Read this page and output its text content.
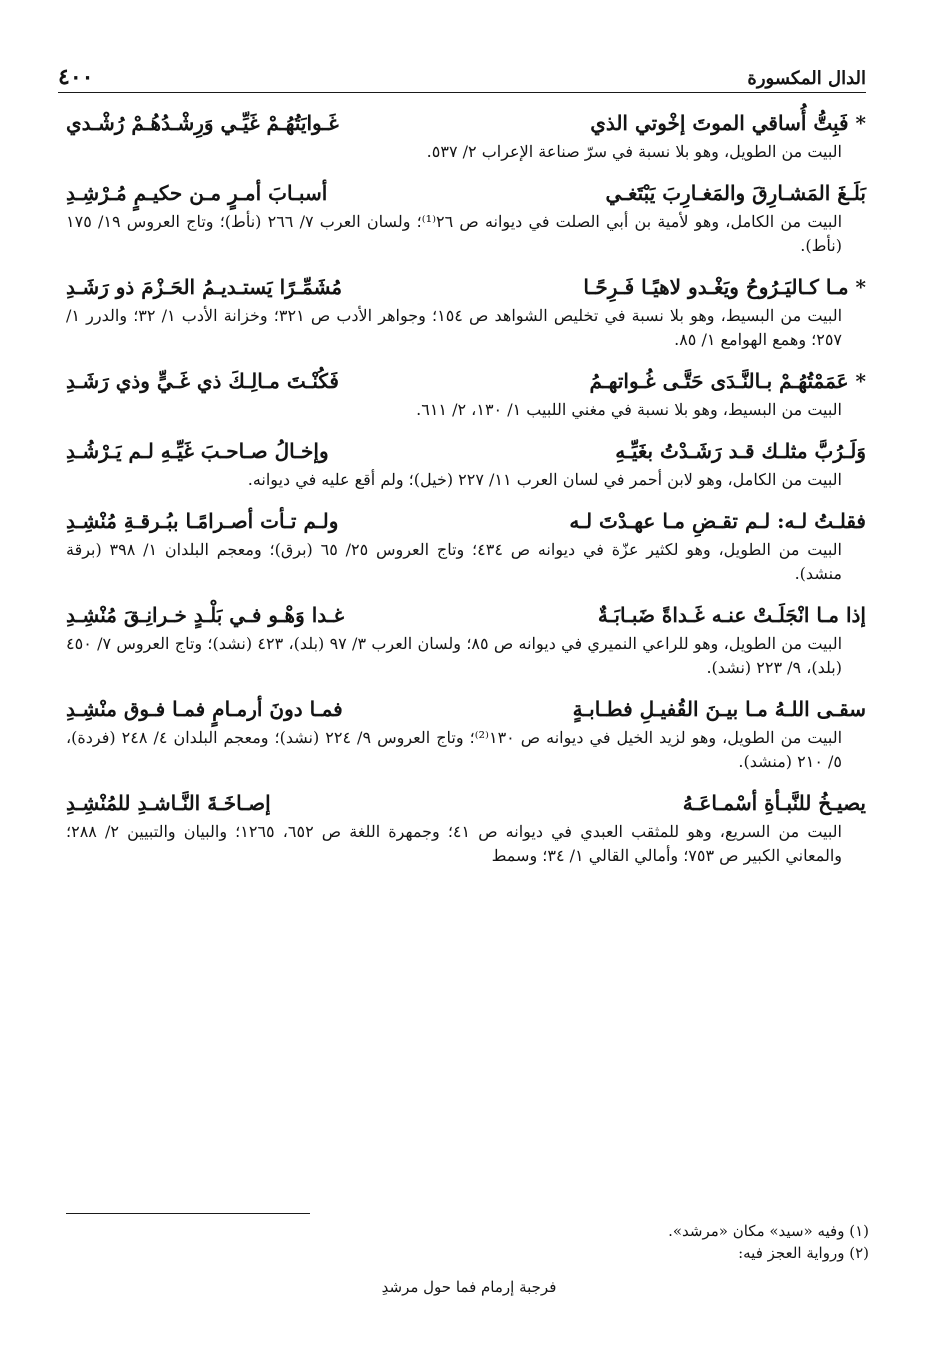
الدال المكسورة
٤٠٠
* فَبِتُّ أُساقي الموتَ إخْوتي الذي
غَـوايَتُهُـمْ غَيِّـي وَرِشْـدُهُـمْ رُشْـدي
البيت من الطويل، وهو بلا نسبة في سرّ صناعة الإعراب ٢/ ٥٣٧.
بَلَـغَ المَشـارِقَ والمَغـارِبَ يَبْتَغـي
أسبـابَ أمـرٍ مـن حكيـمٍ مُـرْشِـدِ
البيت من الكامل، وهو لأمية بن أبي الصلت في ديوانه ص ٢٦⁽¹⁾؛ ولسان العرب ٧/ ٢٦٦ (نأط)؛ وتاج العروس ١٩/ ١٧٥ (نأط).
* مـا كـاليَـرُوحُ ويَغْـدو لاهيًـا فَـرِحًـا
مُشَمِّـرًا يَستـديـمُ الحَـزْمَ ذو رَشَـدِ
البيت من البسيط، وهو بلا نسبة في تخليص الشواهد ص ١٥٤؛ وجواهر الأدب ص ٣٢١؛ وخزانة الأدب ١/ ٣٢؛ والدرر ١/ ٢٥٧؛ وهمع الهوامع ١/ ٨٥.
* عَمَمْتُهُـمْ بـالنَّـدَى حَتَّـى غُـواتهـمُ
فَكُنْـتَ مـالِـكَ ذي غَـيٍّ وذي رَشَـدِ
البيت من البسيط، وهو بلا نسبة في مغني اللبيب ١/ ١٣٠، ٢/ ٦١١.
وَلَـرُبَّ مثلـك قـد رَشَـدْتُ بغَيِّـهِ
وإخـالُ صـاحـبَ غَيِّـهِ لـم يَـرْشُـدِ
البيت من الكامل، وهو لابن أحمر في لسان العرب ١١/ ٢٢٧ (خيل)؛ ولم أقع عليه في ديوانه.
فقلـتُ لـه: لـم تقـضِ مـا عهـدْتَ لـه
ولـم تـأت أصـرامًـا ببُـرقـةِ مُنْشِـدِ
البيت من الطويل، وهو لكثير عزّة في ديوانه ص ٤٣٤؛ وتاج العروس ٢٥/ ٦٥ (برق)؛ ومعجم البلدان ١/ ٣٩٨ (برقة منشد).
إذا مـا انْجَلَـتْ عنـه غَـداةً ضَبـابَـةٌ
غـدا وَهْـو فـي بَلْـدٍ خـرانِـقَ مُنْشِـدِ
البيت من الطويل، وهو للراعي النميري في ديوانه ص ٨٥؛ ولسان العرب ٣/ ٩٧ (بلد)، ٤٢٣ (نشد)؛ وتاج العروس ٧/ ٤٥٠ (بلد)، ٩/ ٢٢٣ (نشد).
سقـى اللـهُ مـا بيـنَ القُفيـلِ فطـابـةٍ
فمـا دونَ أرمـامٍ فمـا فـوق منْشِـدِ
البيت من الطويل، وهو لزيد الخيل في ديوانه ص ١٣٠⁽²⁾؛ وتاج العروس ٩/ ٢٢٤ (نشد)؛ ومعجم البلدان ٤/ ٢٤٨ (فردة)، ٥/ ٢١٠ (منشد).
يصيـخُ للنَّبـأةِ أسْمـاعَـهُ
إصـاخَـةَ النَّـاشـدِ للمُنْشِـدِ
البيت من السريع، وهو للمثقب العبدي في ديوانه ص ٤١؛ وجمهرة اللغة ص ٦٥٢، ١٢٦٥؛ والبيان والتبيين ٢/ ٢٨٨؛ والمعاني الكبير ص ٧٥٣؛ وأمالي القالي ١/ ٣٤؛ وسمط
(١) وفيه «سيد» مكان «مرشد».
(٢) ورواية العجز فيه:
فرجبة إرمام فما حول مرشدِ
